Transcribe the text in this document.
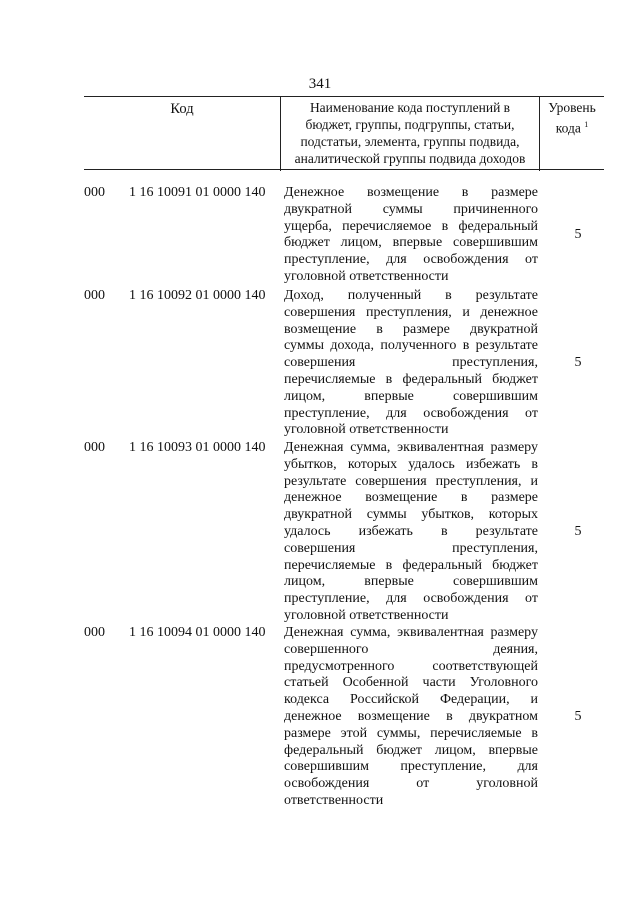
341
Код	Наименование кода поступлений в
бюджет, группы, подгруппы, статьи,
подстатьи, элемента, группы подвида,
аналитической группы подвида доходов
Уровень
кода $^1$
000	1 16 10091 01 0000 140	Денежное возмещение в размере
двукратной суммы причиненного
ущерба, перечисляемое в федеральный
бюджет лицом, впервые совершившим
преступление, для освобождения от
уголовной ответственности
5
000	1 16 10092 01 0000 140	Доход, полученный в результате
совершения преступления, и денежное
возмещение в размере двукратной
суммы дохода, полученного в результате
совершения преступления,
перечисляемые в федеральный бюджет
лицом, впервые совершившим
преступление, для освобождения от
уголовной ответственности
5
000	1 16 10093 01 0000 140	Денежная сумма, эквивалентная размеру
убытков, которых удалось избежать в
результате совершения преступления, и
денежное возмещение в размере
двукратной суммы убытков, которых
удалось избежать в результате
совершения преступления,
перечисляемые в федеральный бюджет
лицом, впервые совершившим
преступление, для освобождения от
уголовной ответственности
5
000	1 16 10094 01 0000 140	Денежная сумма, эквивалентная размеру
совершенного деяния,
предусмотренного соответствующей
статьей Особенной части Уголовного
кодекса Российской Федерации, и
денежное возмещение в двукратном
размере этой суммы, перечисляемые в
федеральный бюджет лицом, впервые
совершившим преступление, для
освобождения от уголовной
ответственности
5
